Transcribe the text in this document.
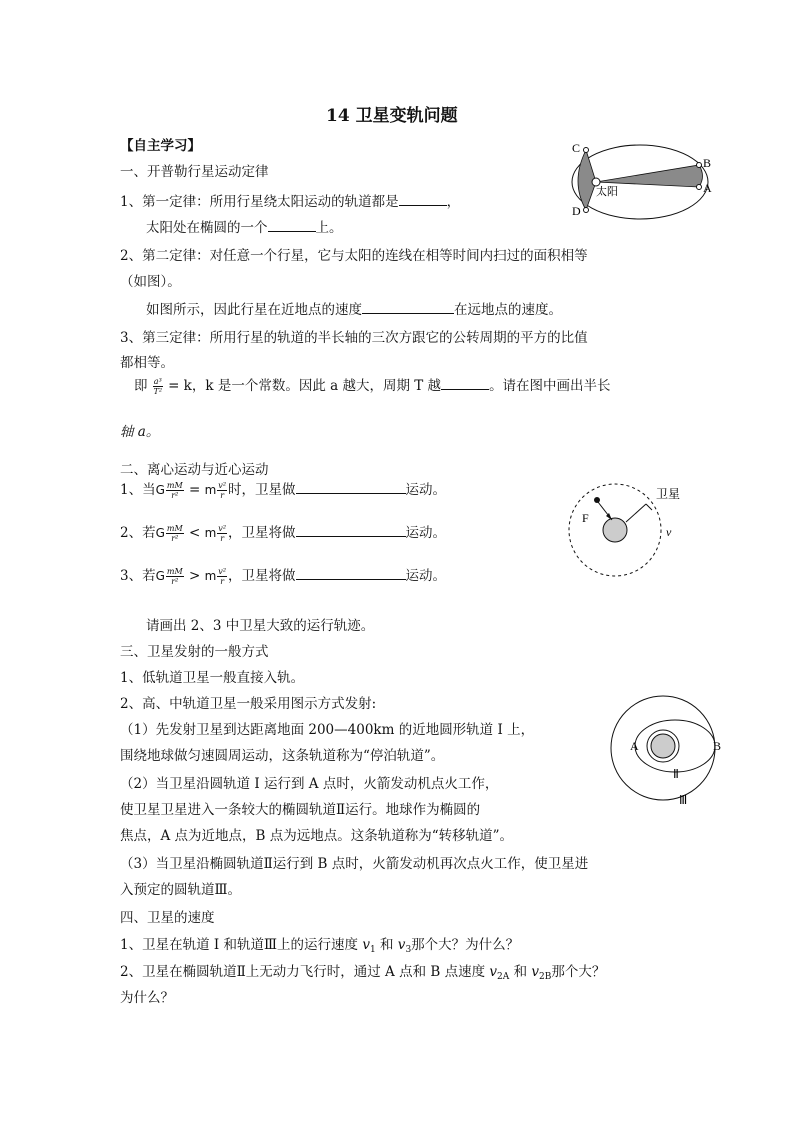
14 卫星变轨问题
【自主学习】
一、开普勒行星运动定律
1、第一定律：所用行星绕太阳运动的轨道都是	，
太阳处在椭圆的一个	上。
2、第二定律：对任意一个行星，它与太阳的连线在相等时间内扫过的面积相等
（如图）。
如图所示，因此行星在近地点的速度	在远地点的速度。
3、第三定律：所用行星的轨道的半长轴的三次方跟它的公转周期的平方的比值
都相等。
即 $\frac{\text{a³}}{\text{T²}} = k$，k 是一个常数。因此 a 越大，周期 T 越	。请在图中画出半长
轴 a。
C
D
B
A
太阳
二、离心运动与近心运动
1、当G $\frac{mM}{\text{r²}} = m \frac{\text{v²}}{r}$ 时，卫星做	运动。
2、若G $\frac{mM}{\text{r²}} < m \frac{\text{v²}}{r}$ ，卫星将做	运动。
3、若G $\frac{mM}{\text{r²}} > m \frac{\text{v²}}{r}$ ，卫星将做	运动。
请画出 2、3 中卫星大致的运行轨迹。
卫星
F
v
三、卫星发射的一般方式
1、低轨道卫星一般直接入轨。
2、高、中轨道卫星一般采用图示方式发射:
（1）先发射卫星到达距离地面 200—400km 的近地圆形轨道 Ⅰ 上，
围绕地球做匀速圆周运动，这条轨道称为“停泊轨道”。
（2）当卫星沿圆轨道 Ⅰ 运行到 A 点时，火箭发动机点火工作，
使卫星卫星进入一条较大的椭圆轨道Ⅱ运行。地球作为椭圆的
焦点，A 点为近地点，B 点为远地点。这条轨道称为“转移轨道”。
（3）当卫星沿椭圆轨道Ⅱ运行到 B 点时，火箭发动机再次点火工作，使卫星进
入预定的圆轨道Ⅲ。
A	B
Ⅱ
Ⅲ
四、卫星的速度
1、卫星在轨道 Ⅰ 和轨道Ⅲ上的运行速度 $v_1$ 和 $v_3$那个大？为什么？
2、卫星在椭圆轨道Ⅱ上无动力飞行时，通过 A 点和 B 点速度 $v_{2A}$ 和 $v_{2B}$那个大？
为什么？
